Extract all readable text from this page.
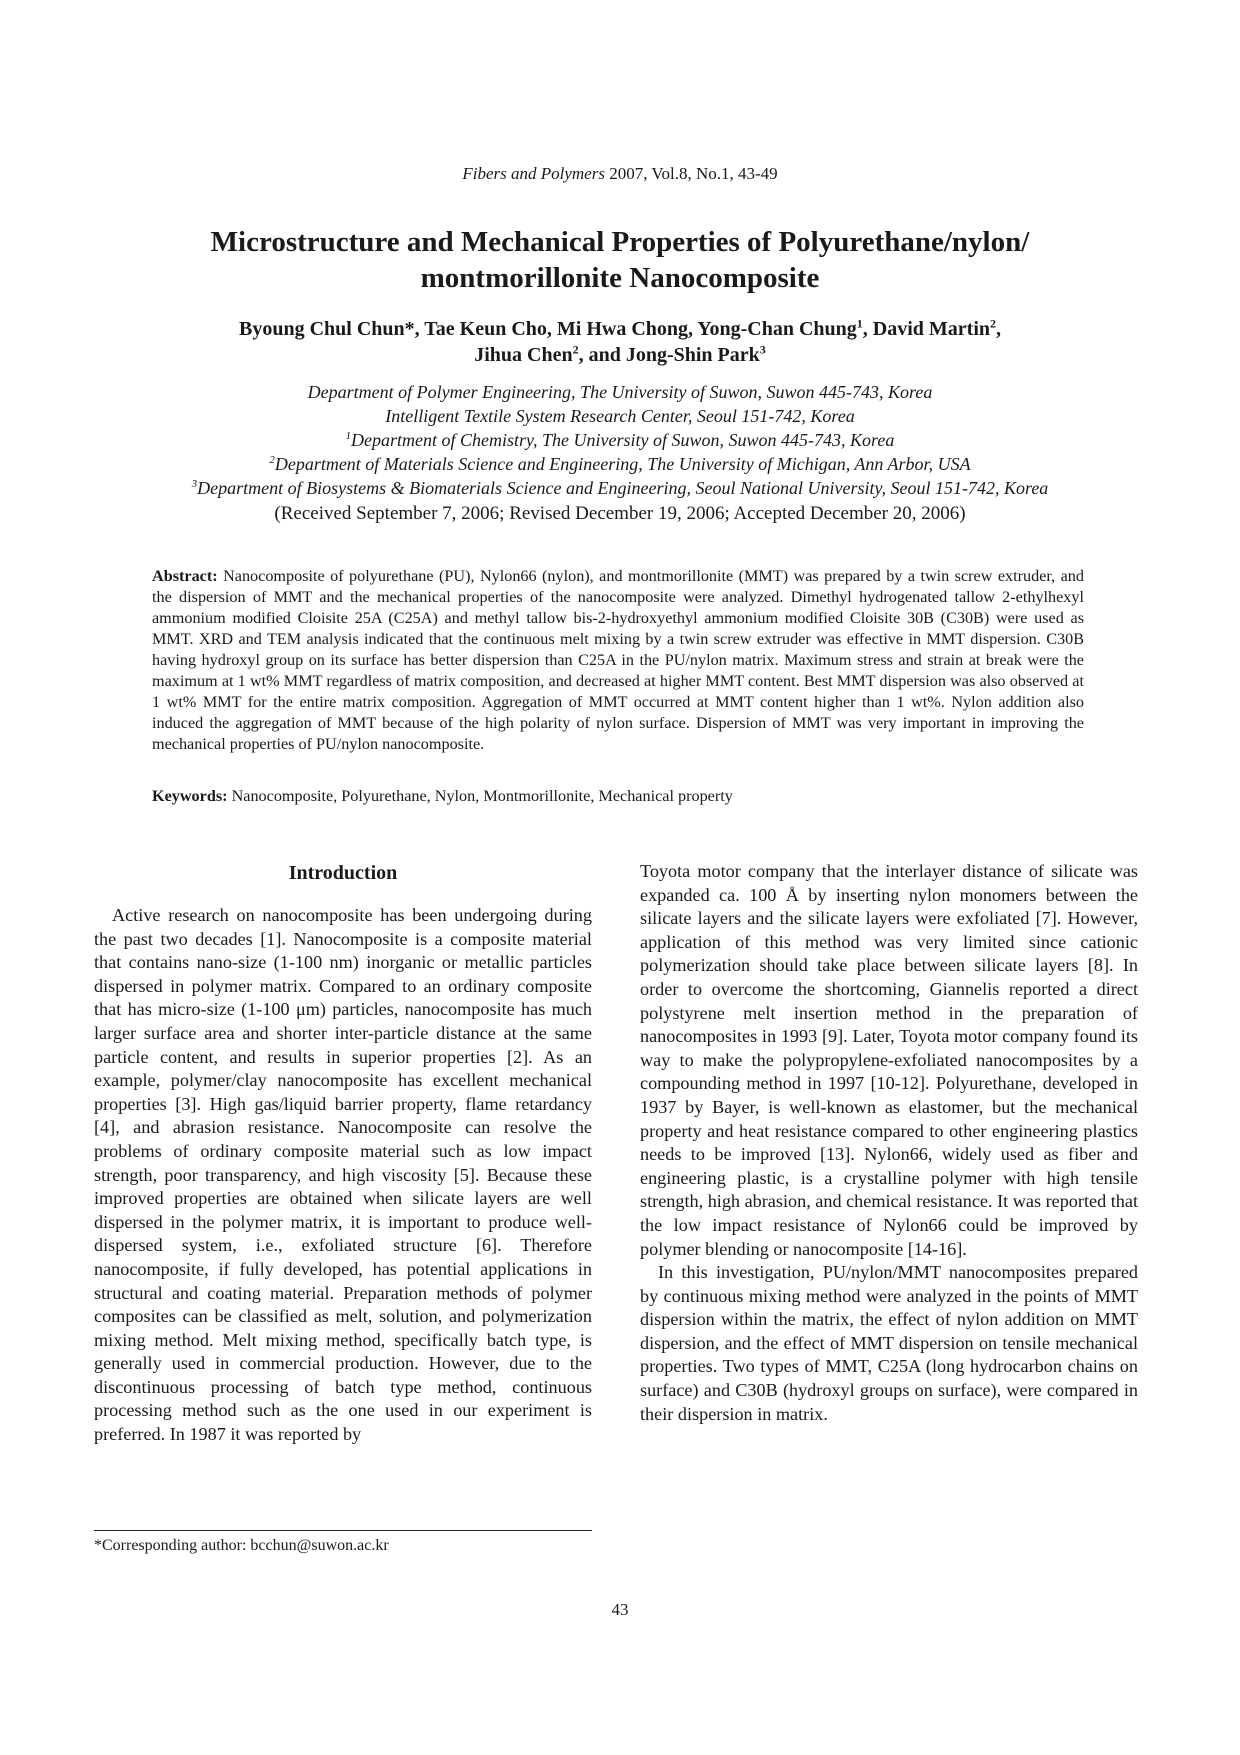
Fibers and Polymers 2007, Vol.8, No.1, 43-49
Microstructure and Mechanical Properties of Polyurethane/nylon/
montmorillonite Nanocomposite
Byoung Chul Chun*, Tae Keun Cho, Mi Hwa Chong, Yong-Chan Chung$^1$, David Martin$^2$,
Jihua Chen$^2$, and Jong-Shin Park$^3$
Department of Polymer Engineering, The University of Suwon, Suwon 445-743, Korea
Intelligent Textile System Research Center, Seoul 151-742, Korea
$^1$Department of Chemistry, The University of Suwon, Suwon 445-743, Korea
$^2$Department of Materials Science and Engineering, The University of Michigan, Ann Arbor, USA
$^3$Department of Biosystems & Biomaterials Science and Engineering, Seoul National University, Seoul 151-742, Korea
(Received September 7, 2006; Revised December 19, 2006; Accepted December 20, 2006)
Abstract: Nanocomposite of polyurethane (PU), Nylon66 (nylon), and montmorillonite (MMT) was prepared by a twin screw extruder, and the dispersion of MMT and the mechanical properties of the nanocomposite were analyzed. Dimethyl hydrogenated tallow 2-ethylhexyl ammonium modified Cloisite 25A (C25A) and methyl tallow bis-2-hydroxyethyl ammonium modified Cloisite 30B (C30B) were used as MMT. XRD and TEM analysis indicated that the continuous melt mixing by a twin screw extruder was effective in MMT dispersion. C30B having hydroxyl group on its surface has better dispersion than C25A in the PU/nylon matrix. Maximum stress and strain at break were the maximum at 1 wt% MMT regardless of matrix composition, and decreased at higher MMT content. Best MMT dispersion was also observed at 1 wt% MMT for the entire matrix composition. Aggregation of MMT occurred at MMT content higher than 1 wt%. Nylon addition also induced the aggregation of MMT because of the high polarity of nylon surface. Dispersion of MMT was very important in improving the mechanical properties of PU/nylon nanocomposite.
Keywords: Nanocomposite, Polyurethane, Nylon, Montmorillonite, Mechanical property
Introduction

Active research on nanocomposite has been undergoing during the past two decades [1]. Nanocomposite is a composite material that contains nano-size (1-100 nm) inorganic or metallic particles dispersed in polymer matrix. Compared to an ordinary composite that has micro-size (1-100 μm) particles, nanocomposite has much larger surface area and shorter inter-particle distance at the same particle content, and results in superior properties [2]. As an example, polymer/clay nanocomposite has excellent mechanical properties [3]. High gas/liquid barrier property, flame retardancy [4], and abrasion resistance. Nanocomposite can resolve the problems of ordinary composite material such as low impact strength, poor transparency, and high viscosity [5]. Because these improved properties are obtained when silicate layers are well dispersed in the polymer matrix, it is important to produce well-dispersed system, i.e., exfoliated structure [6]. Therefore nanocomposite, if fully developed, has potential applications in structural and coating material. Preparation methods of polymer composites can be classified as melt, solution, and polymerization mixing method. Melt mixing method, specifically batch type, is generally used in commercial production. However, due to the discontinuous processing of batch type method, continuous processing method such as the one used in our experiment is preferred. In 1987 it was reported by

Toyota motor company that the interlayer distance of silicate was expanded ca. 100 Å by inserting nylon monomers between the silicate layers and the silicate layers were exfoliated [7]. However, application of this method was very limited since cationic polymerization should take place between silicate layers [8]. In order to overcome the shortcoming, Giannelis reported a direct polystyrene melt insertion method in the preparation of nanocomposites in 1993 [9]. Later, Toyota motor company found its way to make the polypropylene-exfoliated nanocomposites by a compounding method in 1997 [10-12]. Polyurethane, developed in 1937 by Bayer, is well-known as elastomer, but the mechanical property and heat resistance compared to other engineering plastics needs to be improved [13]. Nylon66, widely used as fiber and engineering plastic, is a crystalline polymer with high tensile strength, high abrasion, and chemical resistance. It was reported that the low impact resistance of Nylon66 could be improved by polymer blending or nanocomposite [14-16].

In this investigation, PU/nylon/MMT nanocomposites prepared by continuous mixing method were analyzed in the points of MMT dispersion within the matrix, the effect of nylon addition on MMT dispersion, and the effect of MMT dispersion on tensile mechanical properties. Two types of MMT, C25A (long hydrocarbon chains on surface) and C30B (hydroxyl groups on surface), were compared in their dispersion in matrix.

*Corresponding author: bcchun@suwon.ac.kr
43
